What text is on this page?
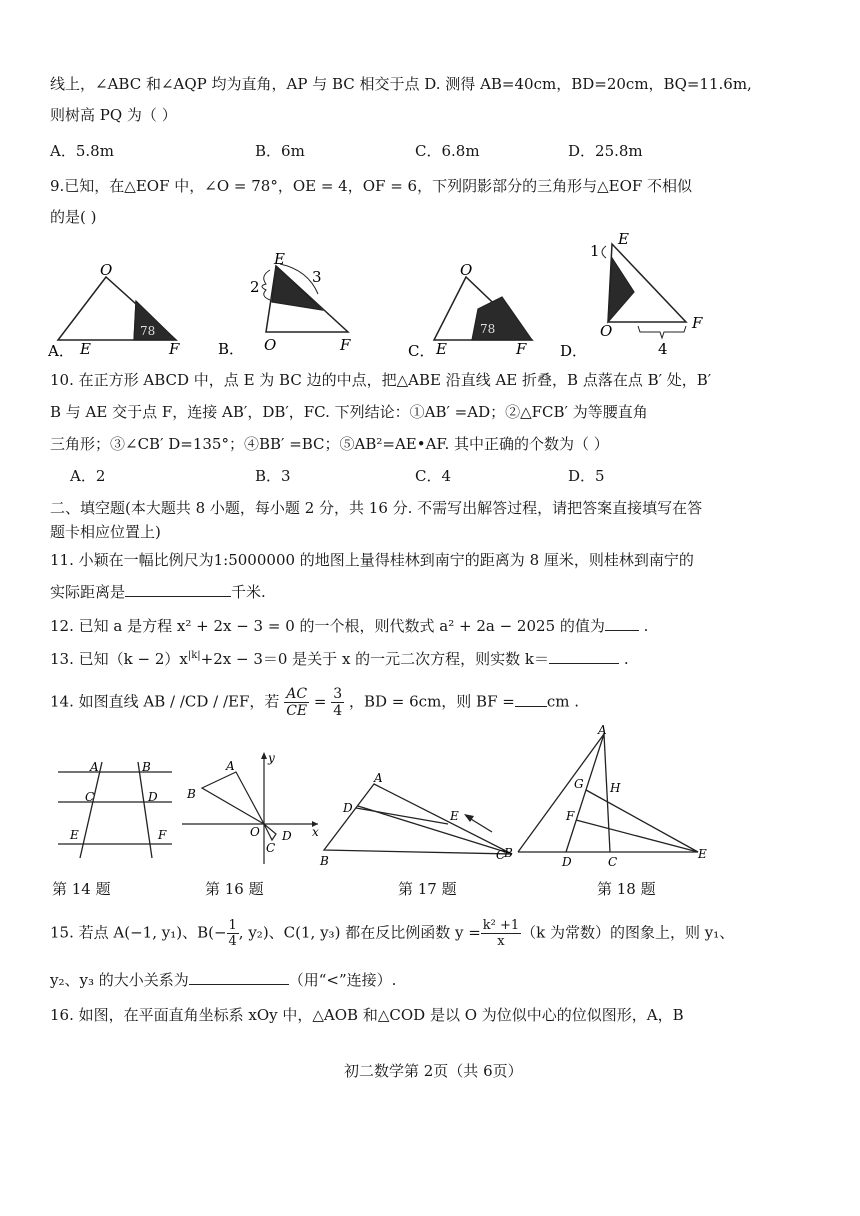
线上，∠ABC 和∠AQP 均为直角，AP 与 BC 相交于点 D. 测得 AB=40cm，BD=20cm，BQ=11.6m,
则树高 PQ 为（ ）
A．5.8m	B．6m	C．6.8m	D．25.8m
9.已知，在△EOF 中，∠O = 78°，OE = 4，OF = 6，下列阴影部分的三角形与△EOF 不相似
的是( )
O
E	F
78
A．
E
2
3
O	F
B．
O
E	F
78
C．
E
1
O	F
4
D．
10. 在正方形 ABCD 中，点 E 为 BC 边的中点，把△ABE 沿直线 AE 折叠，B 点落在点 B′ 处，B′
B 与 AE 交于点 F，连接 AB′，DB′，FC. 下列结论：①AB′ =AD；②△FCB′ 为等腰直角
三角形；③∠CB′ D=135°；④BB′ =BC；⑤AB²=AE•AF. 其中正确的个数为（ ）
A．2	B．3	C．4	D．5
二、填空题(本大题共 8 小题，每小题 2 分，共 16 分. 不需写出解答过程，请把答案直接填写在答
题卡相应位置上)
11. 小颖在一幅比例尺为1:5000000 的地图上量得桂林到南宁的距离为 8 厘米，则桂林到南宁的
实际距离是	千米.
12. 已知 a 是方程 x² + 2x − 3 = 0 的一个根，则代数式 a² + 2a − 2025 的值为	.
13. 已知$(k - 2)x^{|k|}+2x - 3=0$ 是关于 x 的一元二次方程，则实数 k＝	.
14. 如图直线 AB / /CD / /EF，若 $\frac{AC}{CE} = \frac{3}{4}$ ，BD = 6cm，则 BF = cm .
A	B
C	D
E	F
y
A
B
O	x
D
C
A
D
E
B	C
A
G H
F
B
D	C
E
第 14 题	第 16 题	第 17 题	第 18 题
15. 若点 A(−1, y₁)、$B(- \frac{1}{4}$ , y₂)、C(1, y₃) 都在反比例函数 $y = \frac{\text{k² +1}}{x} (k$ 为常数）的图象上，则 y₁、
y₂、y₃ 的大小关系为	（用“<”连接）.
16. 如图，在平面直角坐标系 xOy 中，△AOB 和△COD 是以 O 为位似中心的位似图形，A，B
初二数学第 2页（共 6页）
